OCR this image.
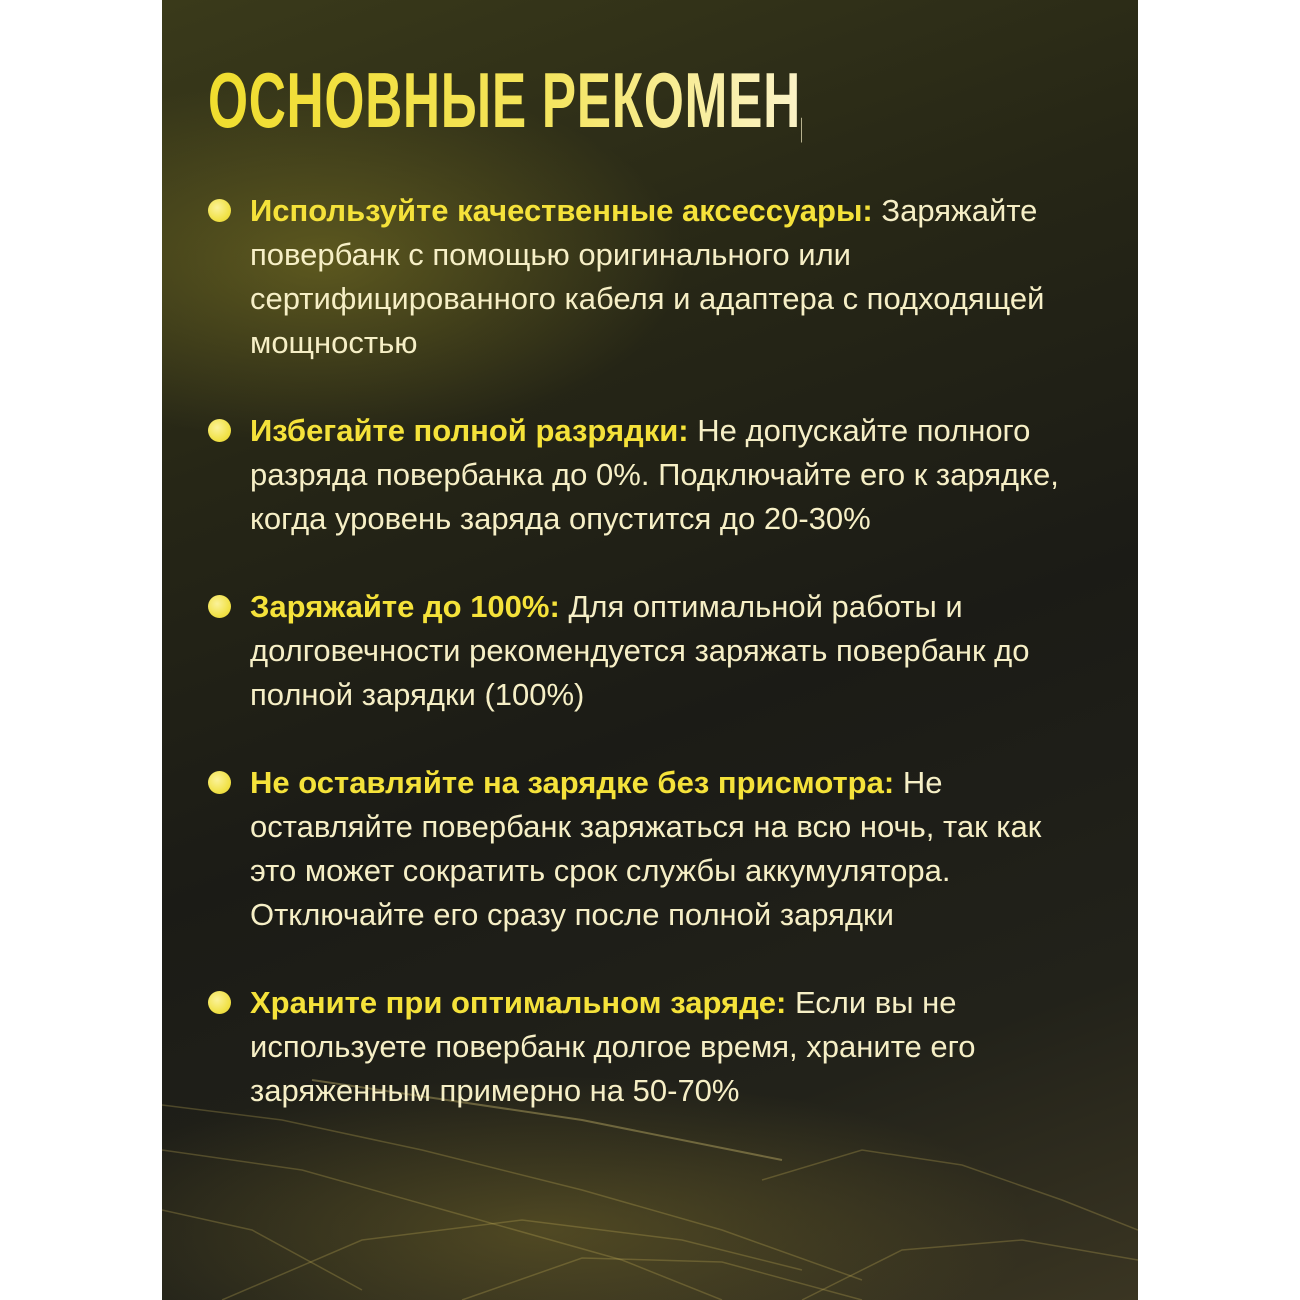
ОСНОВНЫЕ РЕКОМЕНДАЦИИ
Используйте качественные аксессуары: Заряжайте повербанк с помощью оригинального или сертифицированного кабеля и адаптера с подходящей мощностью
Избегайте полной разрядки: Не допускайте полного разряда повербанка до 0%. Подключайте его к зарядке, когда уровень заряда опустится до 20-30%
Заряжайте до 100%: Для оптимальной работы и долговечности рекомендуется заряжать повербанк до полной зарядки (100%)
Не оставляйте на зарядке без присмотра: Не оставляйте повербанк заряжаться на всю ночь, так как это может сократить срок службы аккумулятора. Отключайте его сразу после полной зарядки
Храните при оптимальном заряде: Если вы не используете повербанк долгое время, храните его заряженным примерно на 50-70%
